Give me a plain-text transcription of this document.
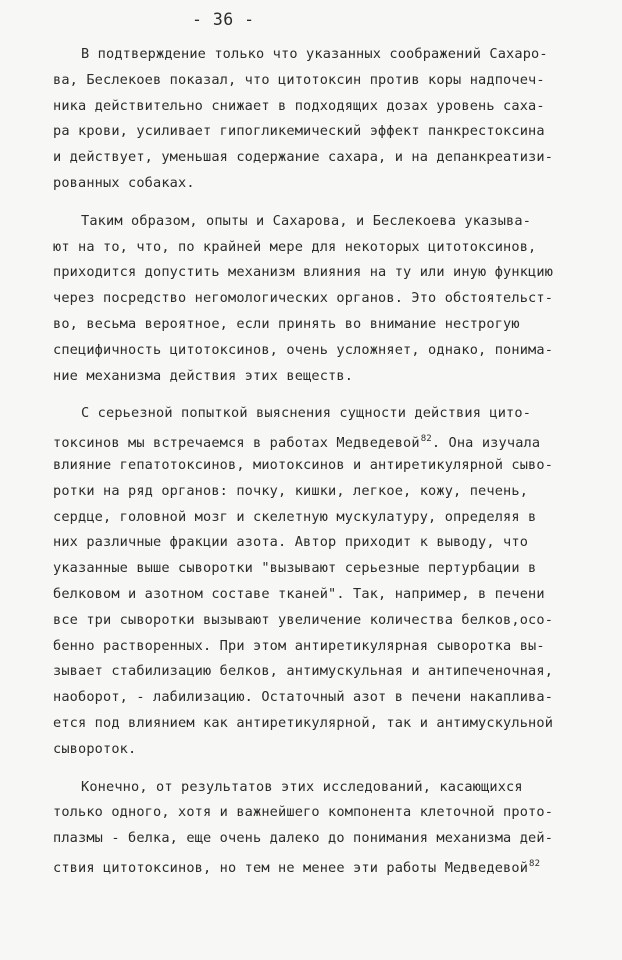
- 36 -
В подтверждение только что указанных соображений Сахаро-
ва, Беслекоев показал, что цитотоксин против коры надпочеч-
ника действительно снижает в подходящих дозах уровень саха-
ра крови, усиливает гипогликемический эффект панкрестоксина
и действует, уменьшая содержание сахара, и на депанкреатизи-
рованных собаках.
Таким образом, опыты и Сахарова, и Беслекоева указыва-
ют на то, что, по крайней мере для некоторых цитотоксинов,
приходится допустить механизм влияния на ту или иную функцию
через посредство негомологических органов. Это обстоятельст-
во, весьма вероятное, если принять во внимание нестрогую
специфичность цитотоксинов, очень усложняет, однако, понима-
ние механизма действия этих веществ.
С серьезной попыткой выяснения сущности действия цито-
токсинов мы встречаемся в работах Медведевой$^{82}$. Она изучала
влияние гепатотоксинов, миотоксинов и антиретикулярной сыво-
ротки на ряд органов: почку, кишки, легкое, кожу, печень,
сердце, головной мозг и скелетную мускулатуру, определяя в
них различные фракции азота. Автор приходит к выводу, что
указанные выше сыворотки "вызывают серьезные пертурбации в
белковом и азотном составе тканей". Так, например, в печени
все три сыворотки вызывают увеличение количества белков,осо-
бенно растворенных. При этом антиретикулярная сыворотка вы-
зывает стабилизацию белков, антимускульная и антипеченочная,
наоборот, - лабилизацию. Остаточный азот в печени накапливa-
ется под влиянием как антиретикулярной, так и антимускульной
сывороток.
Конечно, от результатов этих исследований, касающихся
только одного, хотя и важнейшего компонента клеточной прото-
плазмы - белка, еще очень далеко до понимания механизма дей-
ствия цитотоксинов, но тем не менее эти работы Медведевой$^{82}$
